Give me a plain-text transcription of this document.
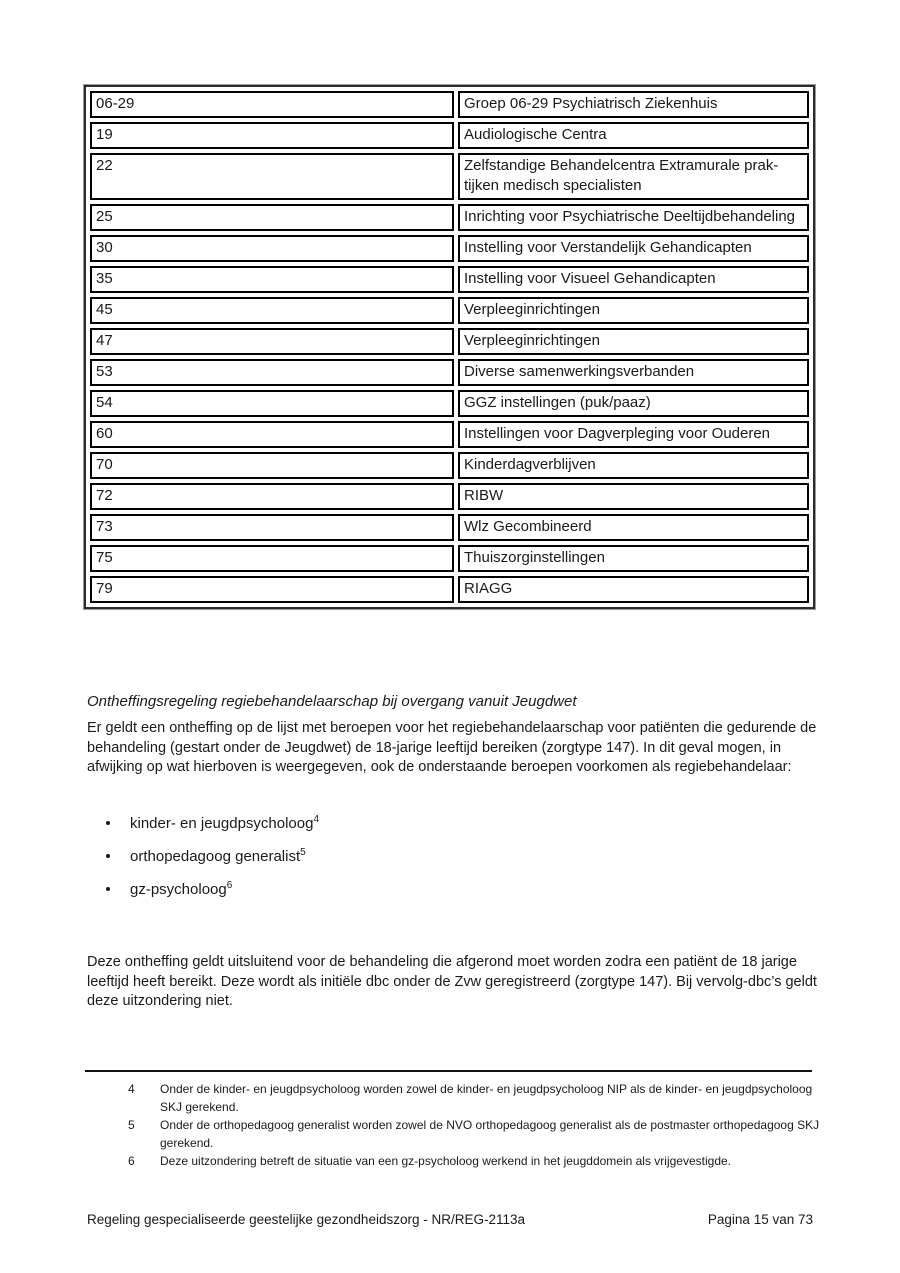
06-29	Groep 06-29 Psychiatrisch Ziekenhuis
19	Audiologische Centra
22	Zelfstandige Behandelcentra Extramurale praktijken medisch specialisten
25	Inrichting voor Psychiatrische Deeltijdbehandeling
30	Instelling voor Verstandelijk Gehandicapten
35	Instelling voor Visueel Gehandicapten
45	Verpleeginrichtingen
47	Verpleeginrichtingen
53	Diverse samenwerkingsverbanden
54	GGZ instellingen (puk/paaz)
60	Instellingen voor Dagverpleging voor Ouderen
70	Kinderdagverblijven
72	RIBW
73	Wlz Gecombineerd
75	Thuiszorginstellingen
79	RIAGG
Ontheffingsregeling regiebehandelaarschap bij overgang vanuit Jeugdwet
Er geldt een ontheffing op de lijst met beroepen voor het regiebehandelaarschap voor patiënten die gedurende de behandeling (gestart onder de Jeugdwet) de 18-jarige leeftijd bereiken (zorgtype 147). In dit geval mogen, in afwijking op wat hierboven is weergegeven, ook de onderstaande beroepen voorkomen als regiebehandelaar:
kinder- en jeugdpsycholoog$^4$
orthopedagoog generalist$^5$
gz-psycholoog$^6$
Deze ontheffing geldt uitsluitend voor de behandeling die afgerond moet worden zodra een patiënt de 18 jarige leeftijd heeft bereikt. Deze wordt als initiële dbc onder de Zvw geregistreerd (zorgtype 147). Bij vervolg-dbc’s geldt deze uitzondering niet.
4	Onder de kinder- en jeugdpsycholoog worden zowel de kinder- en jeugdpsycholoog NIP als de kinder- en jeugdpsycholoog SKJ gerekend.
5	Onder de orthopedagoog generalist worden zowel de NVO orthopedagoog generalist als de postmaster orthopedagoog SKJ gerekend.
6	Deze uitzondering betreft de situatie van een gz-psycholoog werkend in het jeugddomein als vrijgevestigde.
Regeling gespecialiseerde geestelijke gezondheidszorg - NR/REG-2113a	Pagina 15 van 73
